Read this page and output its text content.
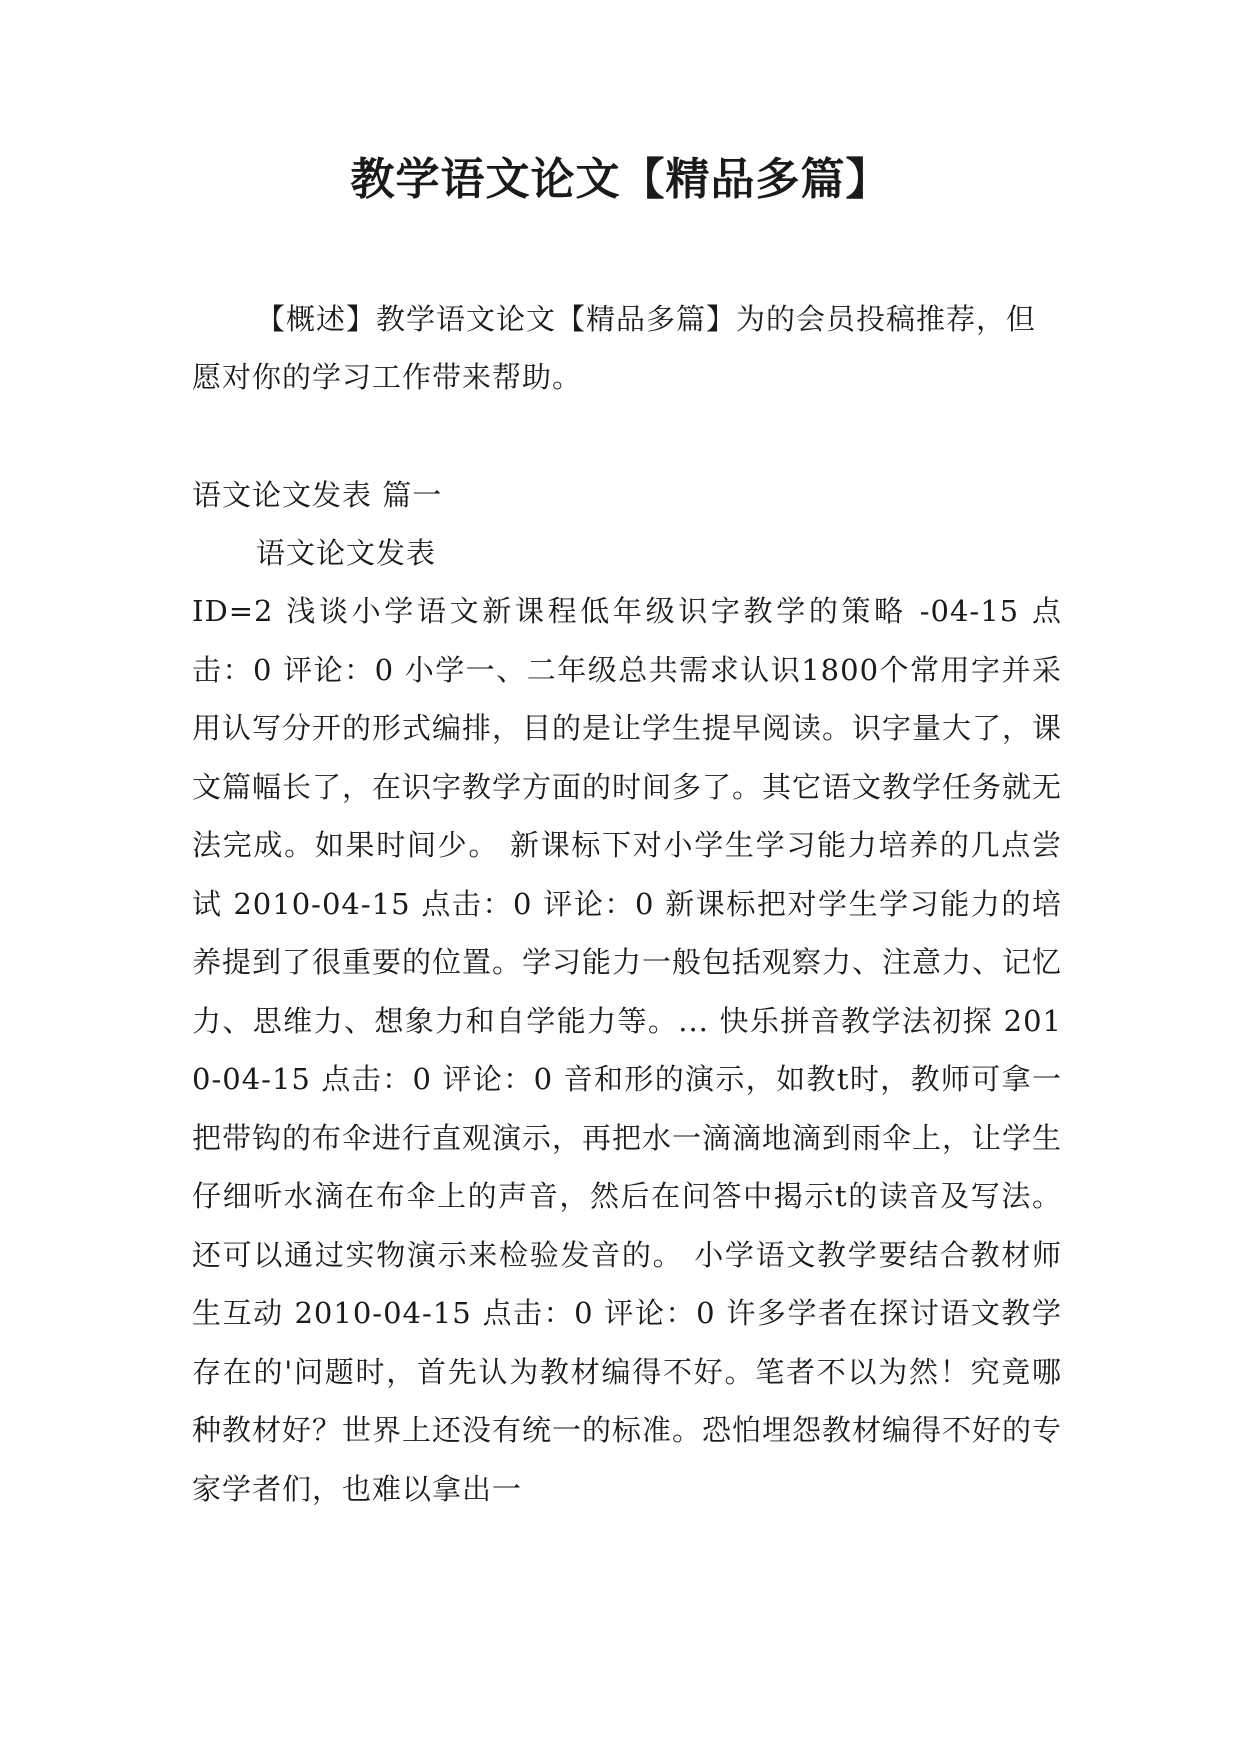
教学语文论文【精品多篇】

【概述】教学语文论文【精品多篇】为的会员投稿推荐，但愿对你的学习工作带来帮助。

语文论文发表 篇一

语文论文发表

ID=2 浅谈小学语文新课程低年级识字教学的策略 -04-15 点击：0 评论：0 小学一、二年级总共需求认识1800个常用字并采用认写分开的形式编排，目的是让学生提早阅读。识字量大了，课文篇幅长了，在识字教学方面的时间多了。其它语文教学任务就无法完成。如果时间少。 新课标下对小学生学习能力培养的几点尝试 2010-04-15 点击：0 评论：0 新课标把对学生学习能力的培养提到了很重要的位置。学习能力一般包括观察力、注意力、记忆力、思维力、想象力和自学能力等。... 快乐拼音教学法初探 2010-04-15 点击：0 评论：0 音和形的演示，如教t时，教师可拿一把带钩的布伞进行直观演示，再把水一滴滴地滴到雨伞上，让学生仔细听水滴在布伞上的声音，然后在问答中揭示t的读音及写法。还可以通过实物演示来检验发音的。 小学语文教学要结合教材师生互动 2010-04-15 点击：0 评论：0 许多学者在探讨语文教学存在的'问题时，首先认为教材编得不好。笔者不以为然！究竟哪种教材好？世界上还没有统一的标准。恐怕埋怨教材编得不好的专家学者们，也难以拿出一
